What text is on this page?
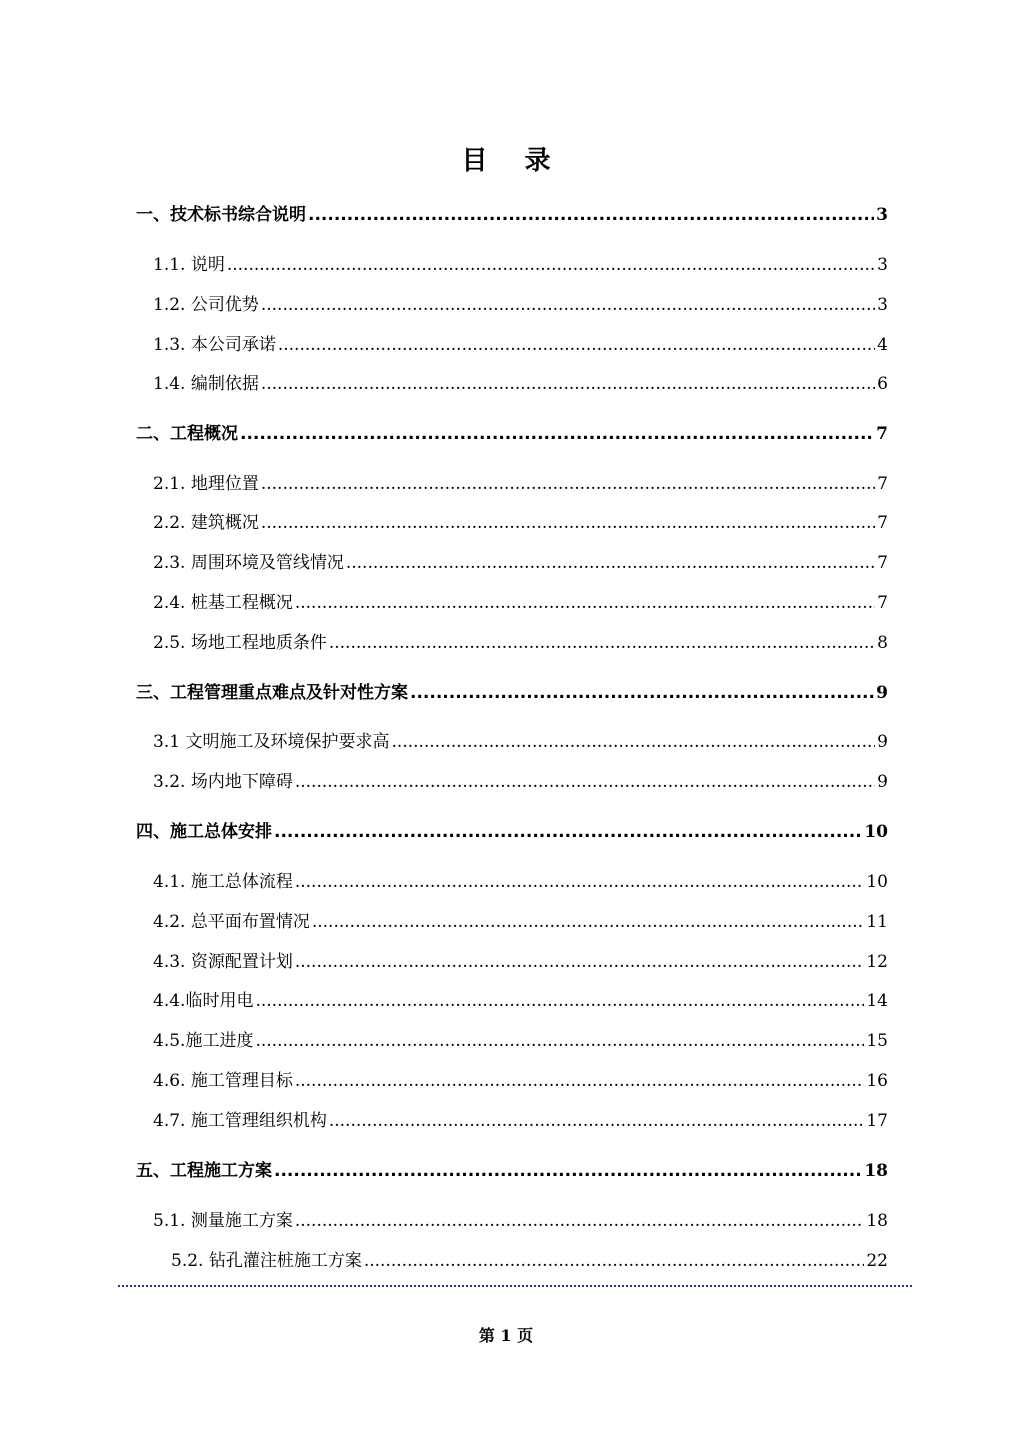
目 录
一、技术标书综合说明 .....	3
1.1. 说明 .....	3
1.2. 公司优势 .....	3
1.3. 本公司承诺 .....	4
1.4. 编制依据 .....	6
二、工程概况 .....	7
2.1. 地理位置 .....	7
2.2. 建筑概况 .....	7
2.3. 周围环境及管线情况 .....	7
2.4. 桩基工程概况 .....	7
2.5. 场地工程地质条件 .....	8
三、工程管理重点难点及针对性方案 .....	9
3.1 文明施工及环境保护要求高 .....	9
3.2. 场内地下障碍 .....	9
四、施工总体安排 .....	10
4.1. 施工总体流程 .....	10
4.2. 总平面布置情况 .....	11
4.3. 资源配置计划 .....	12
4.4.临时用电 .....	14
4.5.施工进度 .....	15
4.6. 施工管理目标 .....	16
4.7. 施工管理组织机构 .....	17
五、工程施工方案 .....	18
5.1. 测量施工方案 .....	18
5.2. 钻孔灌注桩施工方案 .....	22
第 1 页
